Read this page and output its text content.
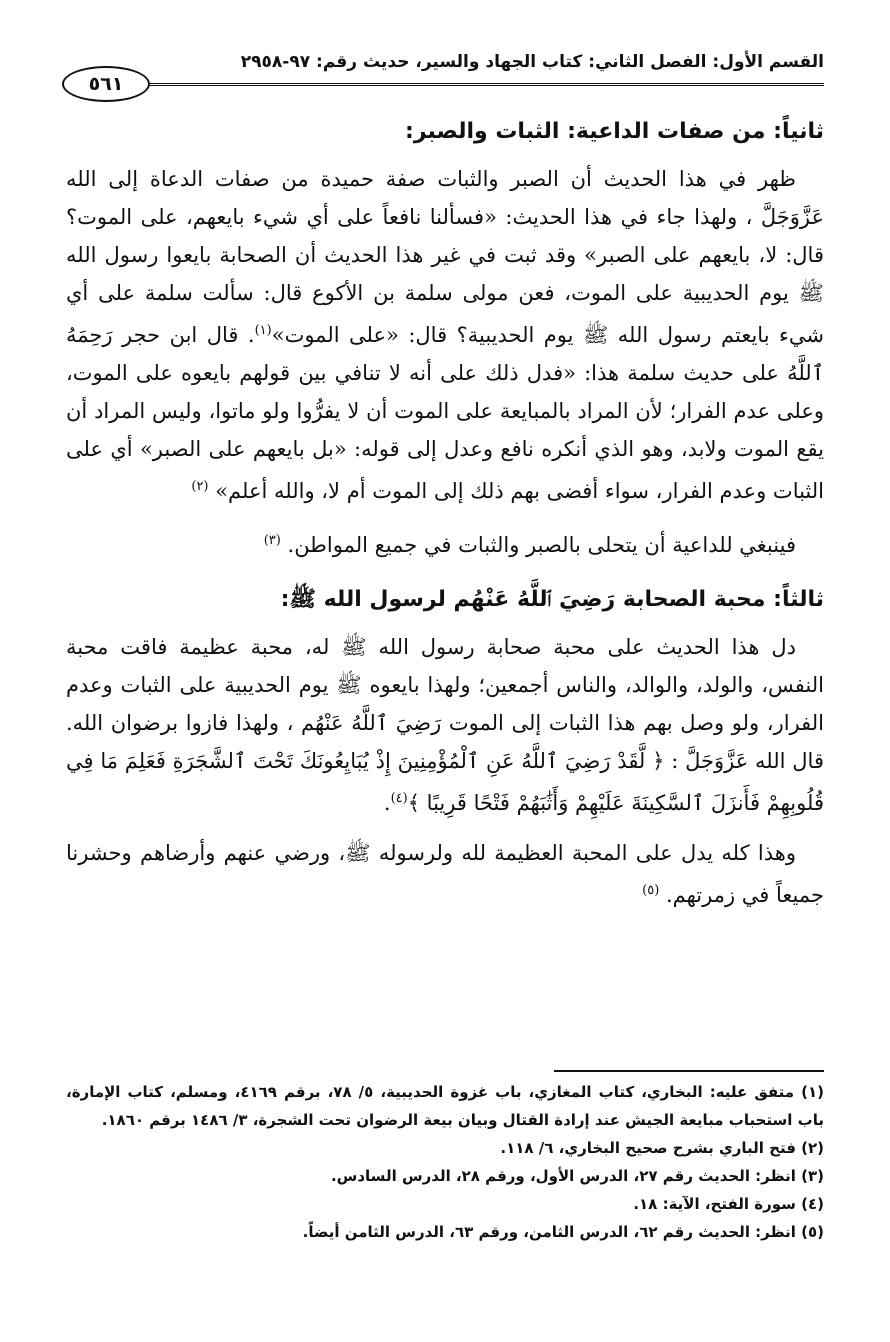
القسم الأول: الفصل الثاني: كتاب الجهاد والسير، حديث رقم: ٩٧-٢٩٥٨
٥٦١
ثانياً: من صفات الداعية: الثبات والصبر:

ظهر في هذا الحديث أن الصبر والثبات صفة حميدة من صفات الدعاة إلى الله عَزَّوَجَلَّ ، ولهذا جاء في هذا الحديث: «فسألنا نافعاً على أي شيء بايعهم، على الموت؟ قال: لا، بايعهم على الصبر» وقد ثبت في غير هذا الحديث أن الصحابة بايعوا رسول الله ﷺ يوم الحديبية على الموت، فعن مولى سلمة بن الأكوع قال: سألت سلمة على أي شيء بايعتم رسول الله ﷺ يوم الحديبية؟ قال: «على الموت»$^{(١)}$. قال ابن حجر رَحِمَهُ ٱللَّهُ على حديث سلمة هذا: «فدل ذلك على أنه لا تنافي بين قولهم بايعوه على الموت، وعلى عدم الفرار؛ لأن المراد بالمبايعة على الموت أن لا يفرُّوا ولو ماتوا، وليس المراد أن يقع الموت ولابد، وهو الذي أنكره نافع وعدل إلى قوله: «بل بايعهم على الصبر» أي على الثبات وعدم الفرار، سواء أفضى بهم ذلك إلى الموت أم لا، والله أعلم» $^{(٢)}$

فينبغي للداعية أن يتحلى بالصبر والثبات في جميع المواطن. $^{(٣)}$

ثالثاً: محبة الصحابة رَضِيَ ٱللَّهُ عَنْهُم لرسول الله ﷺ:

دل هذا الحديث على محبة صحابة رسول الله ﷺ له، محبة عظيمة فاقت محبة النفس، والولد، والوالد، والناس أجمعين؛ ولهذا بايعوه ﷺ يوم الحديبية على الثبات وعدم الفرار، ولو وصل بهم هذا الثبات إلى الموت رَضِيَ ٱللَّهُ عَنْهُم ، ولهذا فازوا برضوان الله. قال الله عَزَّوَجَلَّ : ﴿ لَّقَدْ رَضِيَ ٱللَّهُ عَنِ ٱلْمُؤْمِنِينَ إِذْ يُبَايِعُونَكَ تَحْتَ ٱلشَّجَرَةِ فَعَلِمَ مَا فِي قُلُوبِهِمْ فَأَنزَلَ ٱلسَّكِينَةَ عَلَيْهِمْ وَأَثَٰبَهُمْ فَتْحًا قَرِيبًا ﴾$^{(٤)}$.

وهذا كله يدل على المحبة العظيمة لله ولرسوله ﷺ، ورضي عنهم وأرضاهم وحشرنا جميعاً في زمرتهم. $^{(٥)}$

(١) متفق عليه: البخاري، كتاب المغازي، باب غزوة الحديبية، ٥/ ٧٨، برقم ٤١٦٩، ومسلم، كتاب الإمارة، باب استحباب مبايعة الجيش عند إرادة القتال وبيان بيعة الرضوان تحت الشجرة، ٣/ ١٤٨٦ برقم ١٨٦٠.

(٢) فتح الباري بشرح صحيح البخاري، ٦/ ١١٨.

(٣) انظر: الحديث رقم ٢٧، الدرس الأول، ورقم ٢٨، الدرس السادس.

(٤) سورة الفتح، الآية: ١٨.

(٥) انظر: الحديث رقم ٦٢، الدرس الثامن، ورقم ٦٣، الدرس الثامن أيضاً.
